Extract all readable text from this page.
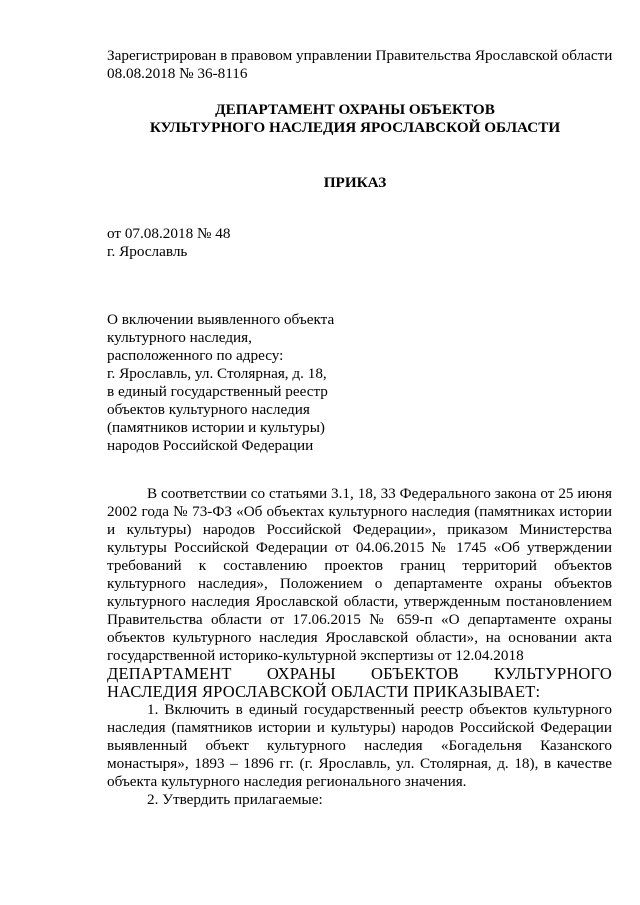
Зарегистрирован в правовом управлении Правительства Ярославской области
08.08.2018 № 36-8116
ДЕПАРТАМЕНТ ОХРАНЫ ОБЪЕКТОВ
КУЛЬТУРНОГО НАСЛЕДИЯ ЯРОСЛАВСКОЙ ОБЛАСТИ
ПРИКАЗ
от 07.08.2018 № 48
г. Ярославль
О включении выявленного объекта
культурного наследия,
расположенного по адресу:
г. Ярославль, ул. Столярная, д. 18,
в единый государственный реестр
объектов культурного наследия
(памятников истории и культуры)
народов Российской Федерации

В соответствии со статьями 3.1, 18, 33 Федерального закона от 25 июня 2002 года № 73-ФЗ «Об объектах культурного наследия (памятниках истории и культуры) народов Российской Федерации», приказом Министерства культуры Российской Федерации от 04.06.2015 № 1745 «Об утверждении требований к составлению проектов границ территорий объектов культурного наследия», Положением о департаменте охраны объектов культурного наследия Ярославской области, утвержденным постановлением Правительства области от 17.06.2015 № 659-п «О департаменте охраны объектов культурного наследия Ярославской области», на основании акта государственной историко-культурной экспертизы от 12.04.2018

ДЕПАРТАМЕНТ ОХРАНЫ ОБЪЕКТОВ КУЛЬТУРНОГО НАСЛЕДИЯ ЯРОСЛАВСКОЙ ОБЛАСТИ ПРИКАЗЫВАЕТ:

1. Включить в единый государственный реестр объектов культурного наследия (памятников истории и культуры) народов Российской Федерации выявленный объект культурного наследия «Богадельня Казанского монастыря», 1893 – 1896 гг. (г. Ярославль, ул. Столярная, д. 18), в качестве объекта культурного наследия регионального значения.

2. Утвердить прилагаемые:
